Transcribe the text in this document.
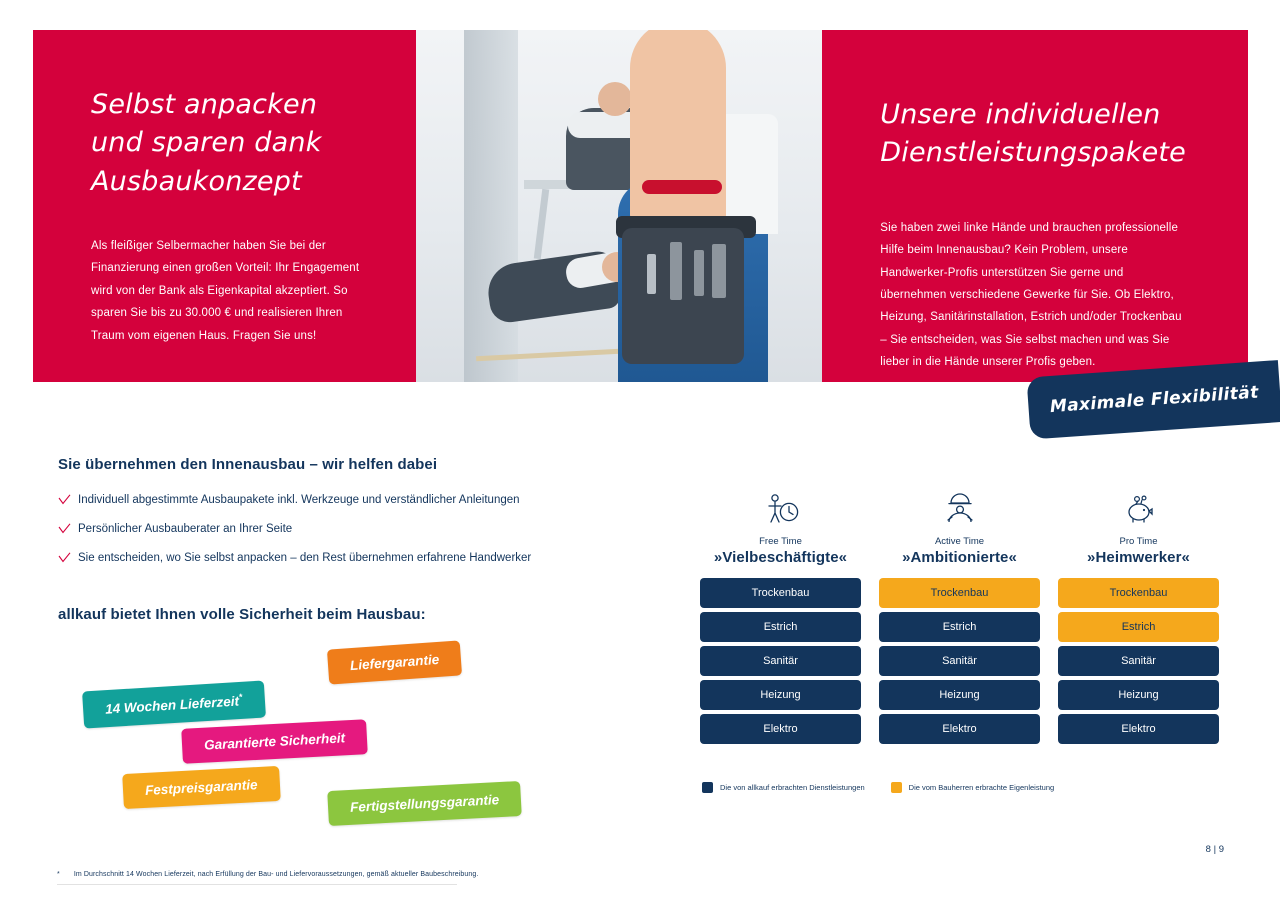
Selbst anpacken
und sparen dank
Ausbaukonzept

Als fleißiger Selbermacher haben Sie bei der Finanzierung einen großen Vorteil: Ihr Engagement wird von der Bank als Eigenkapital akzeptiert. So sparen Sie bis zu 30.000 € und realisieren Ihren Traum vom eigenen Haus. Fragen Sie uns!

Unsere individuellen
Dienstleistungspakete

Sie haben zwei linke Hände und brauchen professionelle Hilfe beim Innenausbau? Kein Problem, unsere Handwerker-Profis unterstützen Sie gerne und übernehmen verschiedene Gewerke für Sie. Ob Elektro, Heizung, Sanitärinstallation, Estrich und/oder Trockenbau – Sie entscheiden, was Sie selbst machen und was Sie lieber in die Hände unserer Profis geben.

Maximale Flexibilität
Sie übernehmen den Innenausbau – wir helfen dabei
Individuell abgestimmte Ausbaupakete inkl. Werkzeuge und verständlicher Anleitungen
Persönlicher Ausbauberater an Ihrer Seite
Sie entscheiden, wo Sie selbst anpacken – den Rest übernehmen erfahrene Handwerker
allkauf bietet Ihnen volle Sicherheit beim Hausbau:
Liefergarantie
14 Wochen Lieferzeit*
Garantierte Sicherheit
Festpreisgarantie
Fertigstellungsgarantie
Free Time
»Vielbeschäftigte«
Trockenbau
Estrich
Sanitär
Heizung
Elektro
Active Time
»Ambitionierte«
Trockenbau
Estrich
Sanitär
Heizung
Elektro
Pro Time
»Heimwerker«
Trockenbau
Estrich
Sanitär
Heizung
Elektro
Die von allkauf erbrachten Dienstleistungen	Die vom Bauherren erbrachte Eigenleistung
8 | 9
* Im Durchschnitt 14 Wochen Lieferzeit, nach Erfüllung der Bau- und Liefervoraussetzungen, gemäß aktueller Baubeschreibung.
